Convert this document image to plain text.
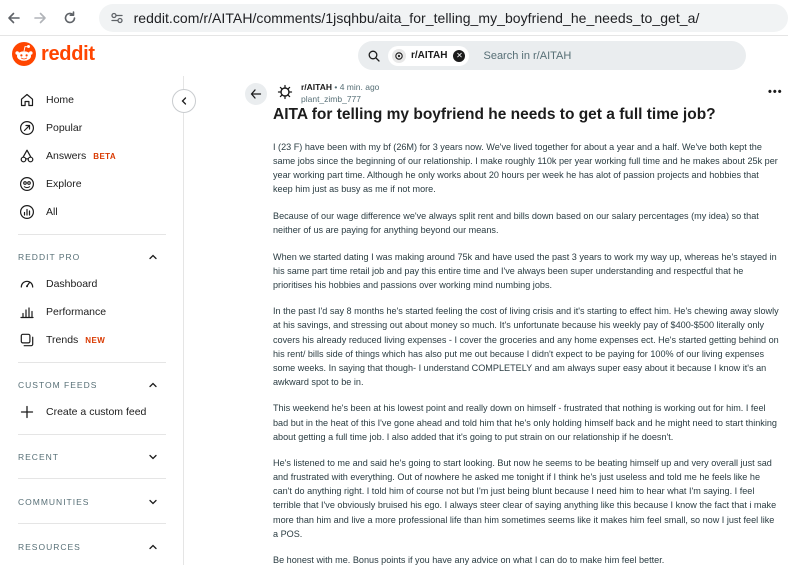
reddit.com/r/AITAH/comments/1jsqhbu/aita_for_telling_my_boyfriend_he_needs_to_get_a/
reddit	r/AITAH	✕ Search in r/AITAH
Home
Popular
Answers BETA
Explore
All
REDDIT PRO
Dashboard
Performance
Trends NEW
CUSTOM FEEDS
Create a custom feed
RECENT
COMMUNITIES
RESOURCES
r/AITAH • 4 min. ago
plant_zimb_777
•••
AITA for telling my boyfriend he needs to get a full time job?

I (23 F) have been with my bf (26M) for 3 years now. We've lived together for about a year and a half. We've both kept the same jobs since the beginning of our relationship. I make roughly 110k per year working full time and he makes about 25k per year working part time. Although he only works about 20 hours per week he has alot of passion projects and hobbies that keep him just as busy as me if not more.

Because of our wage difference we've always split rent and bills down based on our salary percentages (my idea) so that neither of us are paying for anything beyond our means.

When we started dating I was making around 75k and have used the past 3 years to work my way up, whereas he's stayed in his same part time retail job and pay this entire time and I've always been super understanding and respectful that he prioritises his hobbies and passions over working mind numbing jobs.

In the past I'd say 8 months he's started feeling the cost of living crisis and it's starting to effect him. He's chewing away slowly at his savings, and stressing out about money so much. It's unfortunate because his weekly pay of $400-$500 literally only covers his already reduced living expenses - I cover the groceries and any home expenses ect. He's started getting behind on his rent/ bills side of things which has also put me out because I didn't expect to be paying for 100% of our living expenses some weeks. In saying that though- I understand COMPLETELY and am always super easy about it because I know it's an awkward spot to be in.

This weekend he's been at his lowest point and really down on himself - frustrated that nothing is working out for him. I feel bad but in the heat of this I've gone ahead and told him that he's only holding himself back and he might need to start thinking about getting a full time job. I also added that it's going to put strain on our relationship if he doesn't.

He's listened to me and said he's going to start looking. But now he seems to be beating himself up and very overall just sad and frustrated with everything. Out of nowhere he asked me tonight if I think he's just useless and told me he feels like he can't do anything right. I told him of course not but I'm just being blunt because I need him to hear what I'm saying. I feel terrible that I've obviously bruised his ego. I always steer clear of saying anything like this because I know the fact that i make more than him and live a more professional life than him sometimes seems like it makes him feel small, so now I just feel like a POS.

Be honest with me. Bonus points if you have any advice on what I can do to make him feel better.
